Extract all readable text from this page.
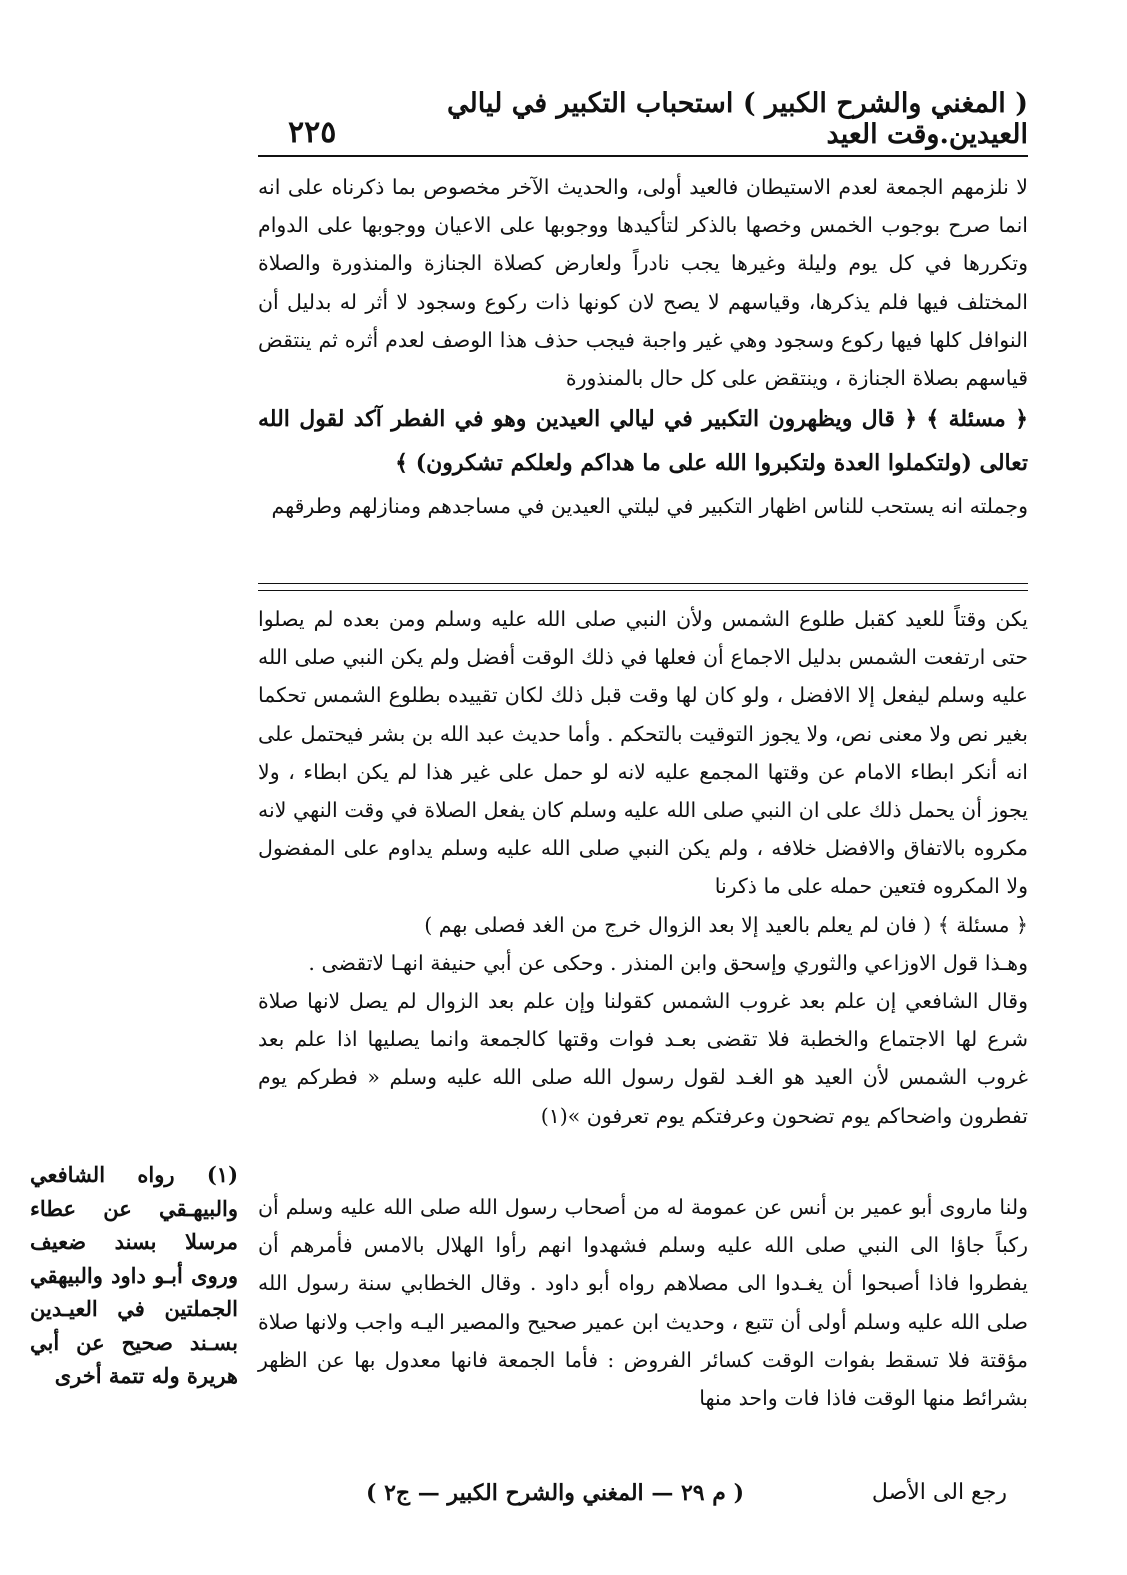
( المغني والشرح الكبير ) استحباب التكبير في ليالي العيدين.وقت العيد
٢٢٥

لا نلزمهم الجمعة لعدم الاستيطان فالعيد أولى، والحديث الآخر مخصوص بما ذكرناه على انه انما صرح بوجوب الخمس وخصها بالذكر لتأكيدها ووجوبها على الاعيان ووجوبها على الدوام وتكررها في كل يوم وليلة وغيرها يجب نادراً ولعارض كصلاة الجنازة والمنذورة والصلاة المختلف فيها فلم يذكرها، وقياسهم لا يصح لان كونها ذات ركوع وسجود لا أثر له بدليل أن النوافل كلها فيها ركوع وسجود وهي غير واجبة فيجب حذف هذا الوصف لعدم أثره ثم ينتقض قياسهم بصلاة الجنازة ، وينتقض على كل حال بالمنذورة

﴿ مسئلة ﴾ ﴿ قال ويظهرون التكبير في ليالي العيدين وهو في الفطر آكد لقول الله تعالى (ولتكملوا العدة ولتكبروا الله على ما هداكم ولعلكم تشكرون) ﴾

وجملته انه يستحب للناس اظهار التكبير في ليلتي العيدين في مساجدهم ومنازلهم وطرقهم

يكن وقتاً للعيد كقبل طلوع الشمس ولأن النبي صلى الله عليه وسلم ومن بعده لم يصلوا حتى ارتفعت الشمس بدليل الاجماع أن فعلها في ذلك الوقت أفضل ولم يكن النبي صلى الله عليه وسلم ليفعل إلا الافضل ، ولو كان لها وقت قبل ذلك لكان تقييده بطلوع الشمس تحكما بغير نص ولا معنى نص، ولا يجوز التوقيت بالتحكم . وأما حديث عبد الله بن بشر فيحتمل على انه أنكر ابطاء الامام عن وقتها المجمع عليه لانه لو حمل على غير هذا لم يكن ابطاء ، ولا يجوز أن يحمل ذلك على ان النبي صلى الله عليه وسلم كان يفعل الصلاة في وقت النهي لانه مكروه بالاتفاق والافضل خلافه ، ولم يكن النبي صلى الله عليه وسلم يداوم على المفضول ولا المكروه فتعين حمله على ما ذكرنا

﴿ مسئلة ﴾ ( فان لم يعلم بالعيد إلا بعد الزوال خرج من الغد فصلى بهم )

وهـذا قول الاوزاعي والثوري وإسحق وابن المنذر . وحكى عن أبي حنيفة انهـا لاتقضى .

وقال الشافعي إن علم بعد غروب الشمس كقولنا وإن علم بعد الزوال لم يصل لانها صلاة شرع لها الاجتماع والخطبة فلا تقضى بعـد فوات وقتها كالجمعة وانما يصليها اذا علم بعد غروب الشمس لأن العيد هو الغـد لقول رسول الله صلى الله عليه وسلم « فطركم يوم تفطرون واضحاكم يوم تضحون وعرفتكم يوم تعرفون »(١)

ولنا ماروى أبو عمير بن أنس عن عمومة له من أصحاب رسول الله صلى الله عليه وسلم أن ركباً جاؤا الى النبي صلى الله عليه وسلم فشهدوا انهم رأوا الهلال بالامس فأمرهم أن يفطروا فاذا أصبحوا أن يغـدوا الى مصلاهم رواه أبو داود . وقال الخطابي سنة رسول الله صلى الله عليه وسلم أولى أن تتبع ، وحديث ابن عمير صحيح والمصير اليـه واجب ولانها صلاة مؤقتة فلا تسقط بفوات الوقت كسائر الفروض : فأما الجمعة فانها معدول بها عن الظهر بشرائط منها الوقت فاذا فات واحد منها

(١) رواه الشافعي والبيهـقي عن عطاء مرسلا بسند ضعيف وروى أبـو داود والبيهقي الجملتين في العيـدين بسـند صحيح عن أبي هريرة وله تتمة أخرى
( م ٢٩ — المغني والشرح الكبير — ج٢ )	رجع الى الأصل
